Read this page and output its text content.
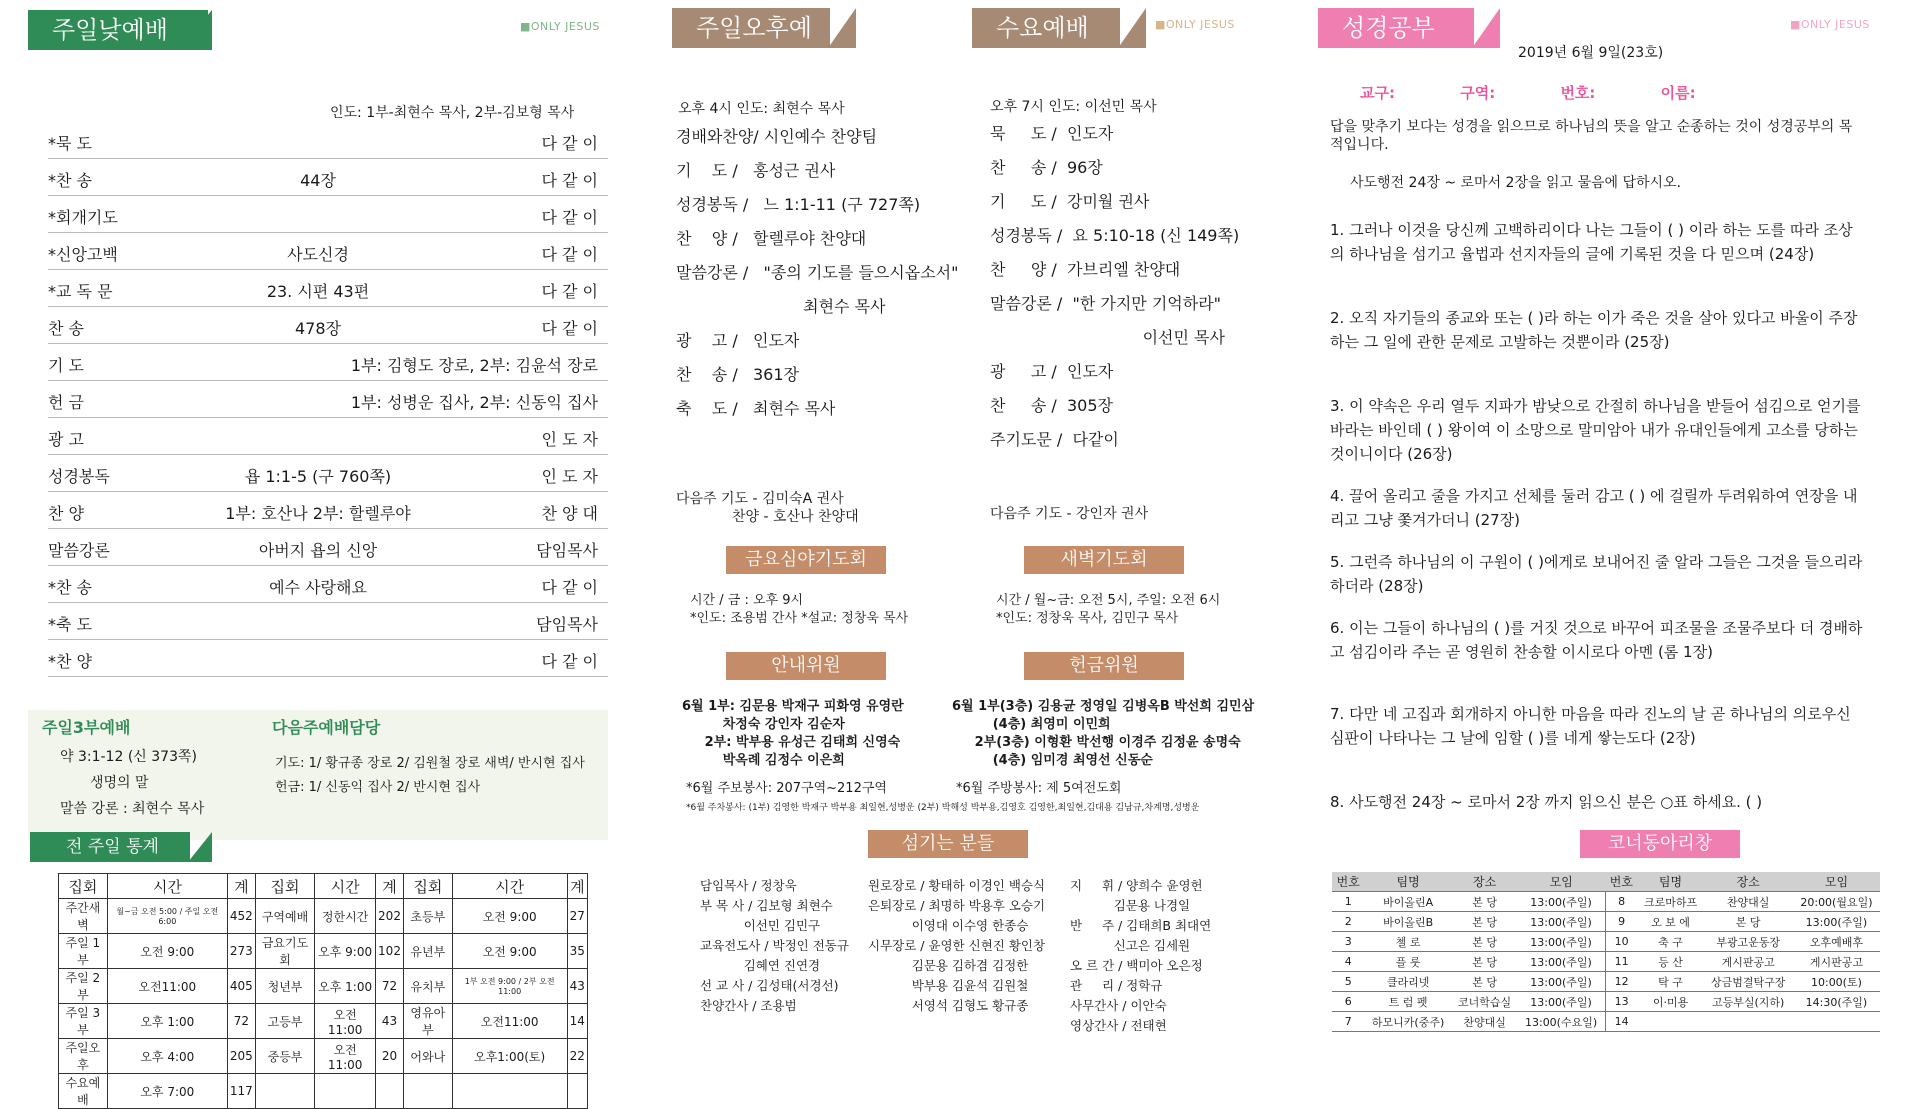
주일낮예배	■ONLY JESUS
인도: 1부-최현수 목사, 2부-김보형 목사
*묵 도	다 같 이
*찬 송	44장	다 같 이
*회개기도	다 같 이
*신앙고백	사도신경	다 같 이
*교 독 문	23. 시편 43편	다 같 이
찬 송	478장	다 같 이
기 도	1부: 김형도 장로, 2부: 김윤석 장로
헌 금	1부: 성병운 집사, 2부: 신동익 집사
광 고	인 도 자
성경봉독	욥 1:1-5 (구 760쪽)	인 도 자
찬 양	1부: 호산나 2부: 할렐루야	찬 양 대
말씀강론	아버지 욥의 신앙	담임목사
*찬 송	예수 사랑해요	다 같 이
*축 도	담임목사
*찬 양	다 같 이
주일3부예배
약 3:1-12 (신 373쪽)
생명의 말
말씀 강론 : 최현수 목사
다음주예배담당
기도: 1/ 황규종 장로 2/ 김원철 장로 새벽/ 반시현 집사
헌금: 1/ 신동익 집사 2/ 반시현 집사
전 주일 통계
집회	시간	계	집회	시간	계	집회	시간	계
주간새벽	월~금 오전 5:00 / 주일 오전 6:00	452	구역예배	정한시간	202	초등부	오전 9:00	27
주일 1부	오전 9:00	273	금요기도회	오후 9:00	102	유년부	오전 9:00	35
주일 2부	오전11:00	405	청년부	오후 1:00	72	유치부	1부 오전 9:00 / 2부 오전 11:00	43
주일 3부	오후 1:00	72	고등부	오전11:00	43	영유아부	오전11:00	14
주일오후	오후 4:00	205	중등부	오전11:00	20	어와나	오후1:00(토)	22
수요예배	오후 7:00	117						
주일오후예배
오후 4시 인도: 최현수 목사
경배와찬양/ 시인예수 찬양팀
기    도 /   홍성근 권사
성경봉독 /   느 1:1-11 (구 727쪽)
찬    양 /   할렐루야 찬양대
말씀강론 /   "종의 기도를 들으시옵소서"
최현수 목사
광    고 /   인도자
찬    송 /   361장
축    도 /   최현수 목사
다음주 기도 - 김미숙A 권사
찬양 - 호산나 찬양대
수요예배	■ONLY JESUS
오후 7시 인도: 이선민 목사
묵     도 /  인도자
찬     송 /  96장
기     도 /  강미월 권사
성경봉독 /  요 5:10-18 (신 149쪽)
찬     양 /  가브리엘 찬양대
말씀강론 /  "한 가지만 기억하라"
이선민 목사
광     고 /  인도자
찬     송 /  305장
주기도문 /  다같이
다음주 기도 - 강인자 권사
금요심야기도회
시간 / 금 : 오후 9시
*인도: 조용범 간사 *설교: 정창욱 목사
새벽기도회
시간 / 월~금: 오전 5시, 주일: 오전 6시
*인도: 정창욱 목사, 김민구 목사
안내위원
6월 1부: 김문용 박재구 피화영 유영란
차정숙 강인자 김순자
2부: 박부용 유성근 김태희 신영숙
박옥례 김정수 이은희
*6월 주보봉사: 207구역~212구역
*6월 주차봉사: (1부) 김영한 박재구 박부용 최일현,성병운 (2부) 박해성 박부용,김영호 김영한,최일현,김대용 김남규,차계명,성병운
헌금위원
6월 1부(3층) 김용균 정영일 김병옥B 박선희 김민삼
(4층) 최영미 이민희
2부(3층) 이형환 박선행 이경주 김정윤 송명숙
(4층) 임미경 최영선 신동순
*6월 주방봉사: 제 5여전도회
섬기는 분들
담임목사 / 정창욱
부 목 사 / 김보형 최현수
이선민 김민구
교육전도사 / 박정인 전동규
김혜연 진연경
선 교 사 / 김성태(서경선)
찬양간사 / 조용범
원로장로 / 황태하 이경인 백승식
은퇴장로 / 최명하 박용후 오승기
이영대 이수영 한종승
시무장로 / 윤영한 신현진 황인창
김문용 김하겸 김정한
박부용 김윤석 김원철
서영석 김형도 황규종
지     휘 / 양희수 윤영헌
김문용 나경일
반     주 / 김태희B 최대연
신고은 김세원
오 르 간 / 백미아 오은정
관     리 / 정학규
사무간사 / 이안숙
영상간사 / 전태현
성경공부	■ONLY JESUS
2019년 6월 9일(23호)
교구:	구역:	번호:	이름:
답을 맞추기 보다는 성경을 읽으므로 하나님의 뜻을 알고 순종하는 것이 성경공부의 목적입니다.
사도행전 24장 ~ 로마서 2장을 읽고 물음에 답하시오.
1. 그러나 이것을 당신께 고백하리이다 나는 그들이 ( ) 이라 하는 도를 따라 조상의 하나님을 섬기고 율법과 선지자들의 글에 기록된 것을 다 믿으며 (24장)
2. 오직 자기들의 종교와 또는 ( )라 하는 이가 죽은 것을 살아 있다고 바울이 주장하는 그 일에 관한 문제로 고발하는 것뿐이라 (25장)
3. 이 약속은 우리 열두 지파가 밤낮으로 간절히 하나님을 받들어 섬김으로 얻기를 바라는 바인데 ( ) 왕이여 이 소망으로 말미암아 내가 유대인들에게 고소를 당하는 것이니이다 (26장)
4. 끌어 올리고 줄을 가지고 선체를 둘러 감고 ( ) 에 걸릴까 두려워하여 연장을 내리고 그냥 쫓겨가더니 (27장)
5. 그런즉 하나님의 이 구원이 ( )에게로 보내어진 줄 알라 그들은 그것을 들으리라 하더라 (28장)
6. 이는 그들이 하나님의 ( )를 거짓 것으로 바꾸어 피조물을 조물주보다 더 경배하고 섬김이라 주는 곧 영원히 찬송할 이시로다 아멘 (롬 1장)
7. 다만 네 고집과 회개하지 아니한 마음을 따라 진노의 날 곧 하나님의 의로우신 심판이 나타나는 그 날에 임할 ( )를 네게 쌓는도다 (2장)
8. 사도행전 24장 ~ 로마서 2장 까지 읽으신 분은 ○표 하세요. ( )
코너동아리창
번호	팀명	장소	모임	번호	팀명	장소	모임
1	바이올린A	본 당	13:00(주일)	8	크로마하프	찬양대실	20:00(월요일)
2	바이올린B	본 당	13:00(주일)	9	오 보 에	본 당	13:00(주일)
3	첼 로	본 당	13:00(주일)	10	축 구	부광고운동장	오후예배후
4	플 룻	본 당	13:00(주일)	11	등 산	게시판공고	게시판공고
5	클라리넷	본 당	13:00(주일)	12	탁 구	상금범결탁구장	10:00(토)
6	트 럼 펫	코너학습실	13:00(주일)	13	이·미용	고등부실(지하)	14:30(주일)
7	하모니카(중주)	찬양대실	13:00(수요일)	14			
